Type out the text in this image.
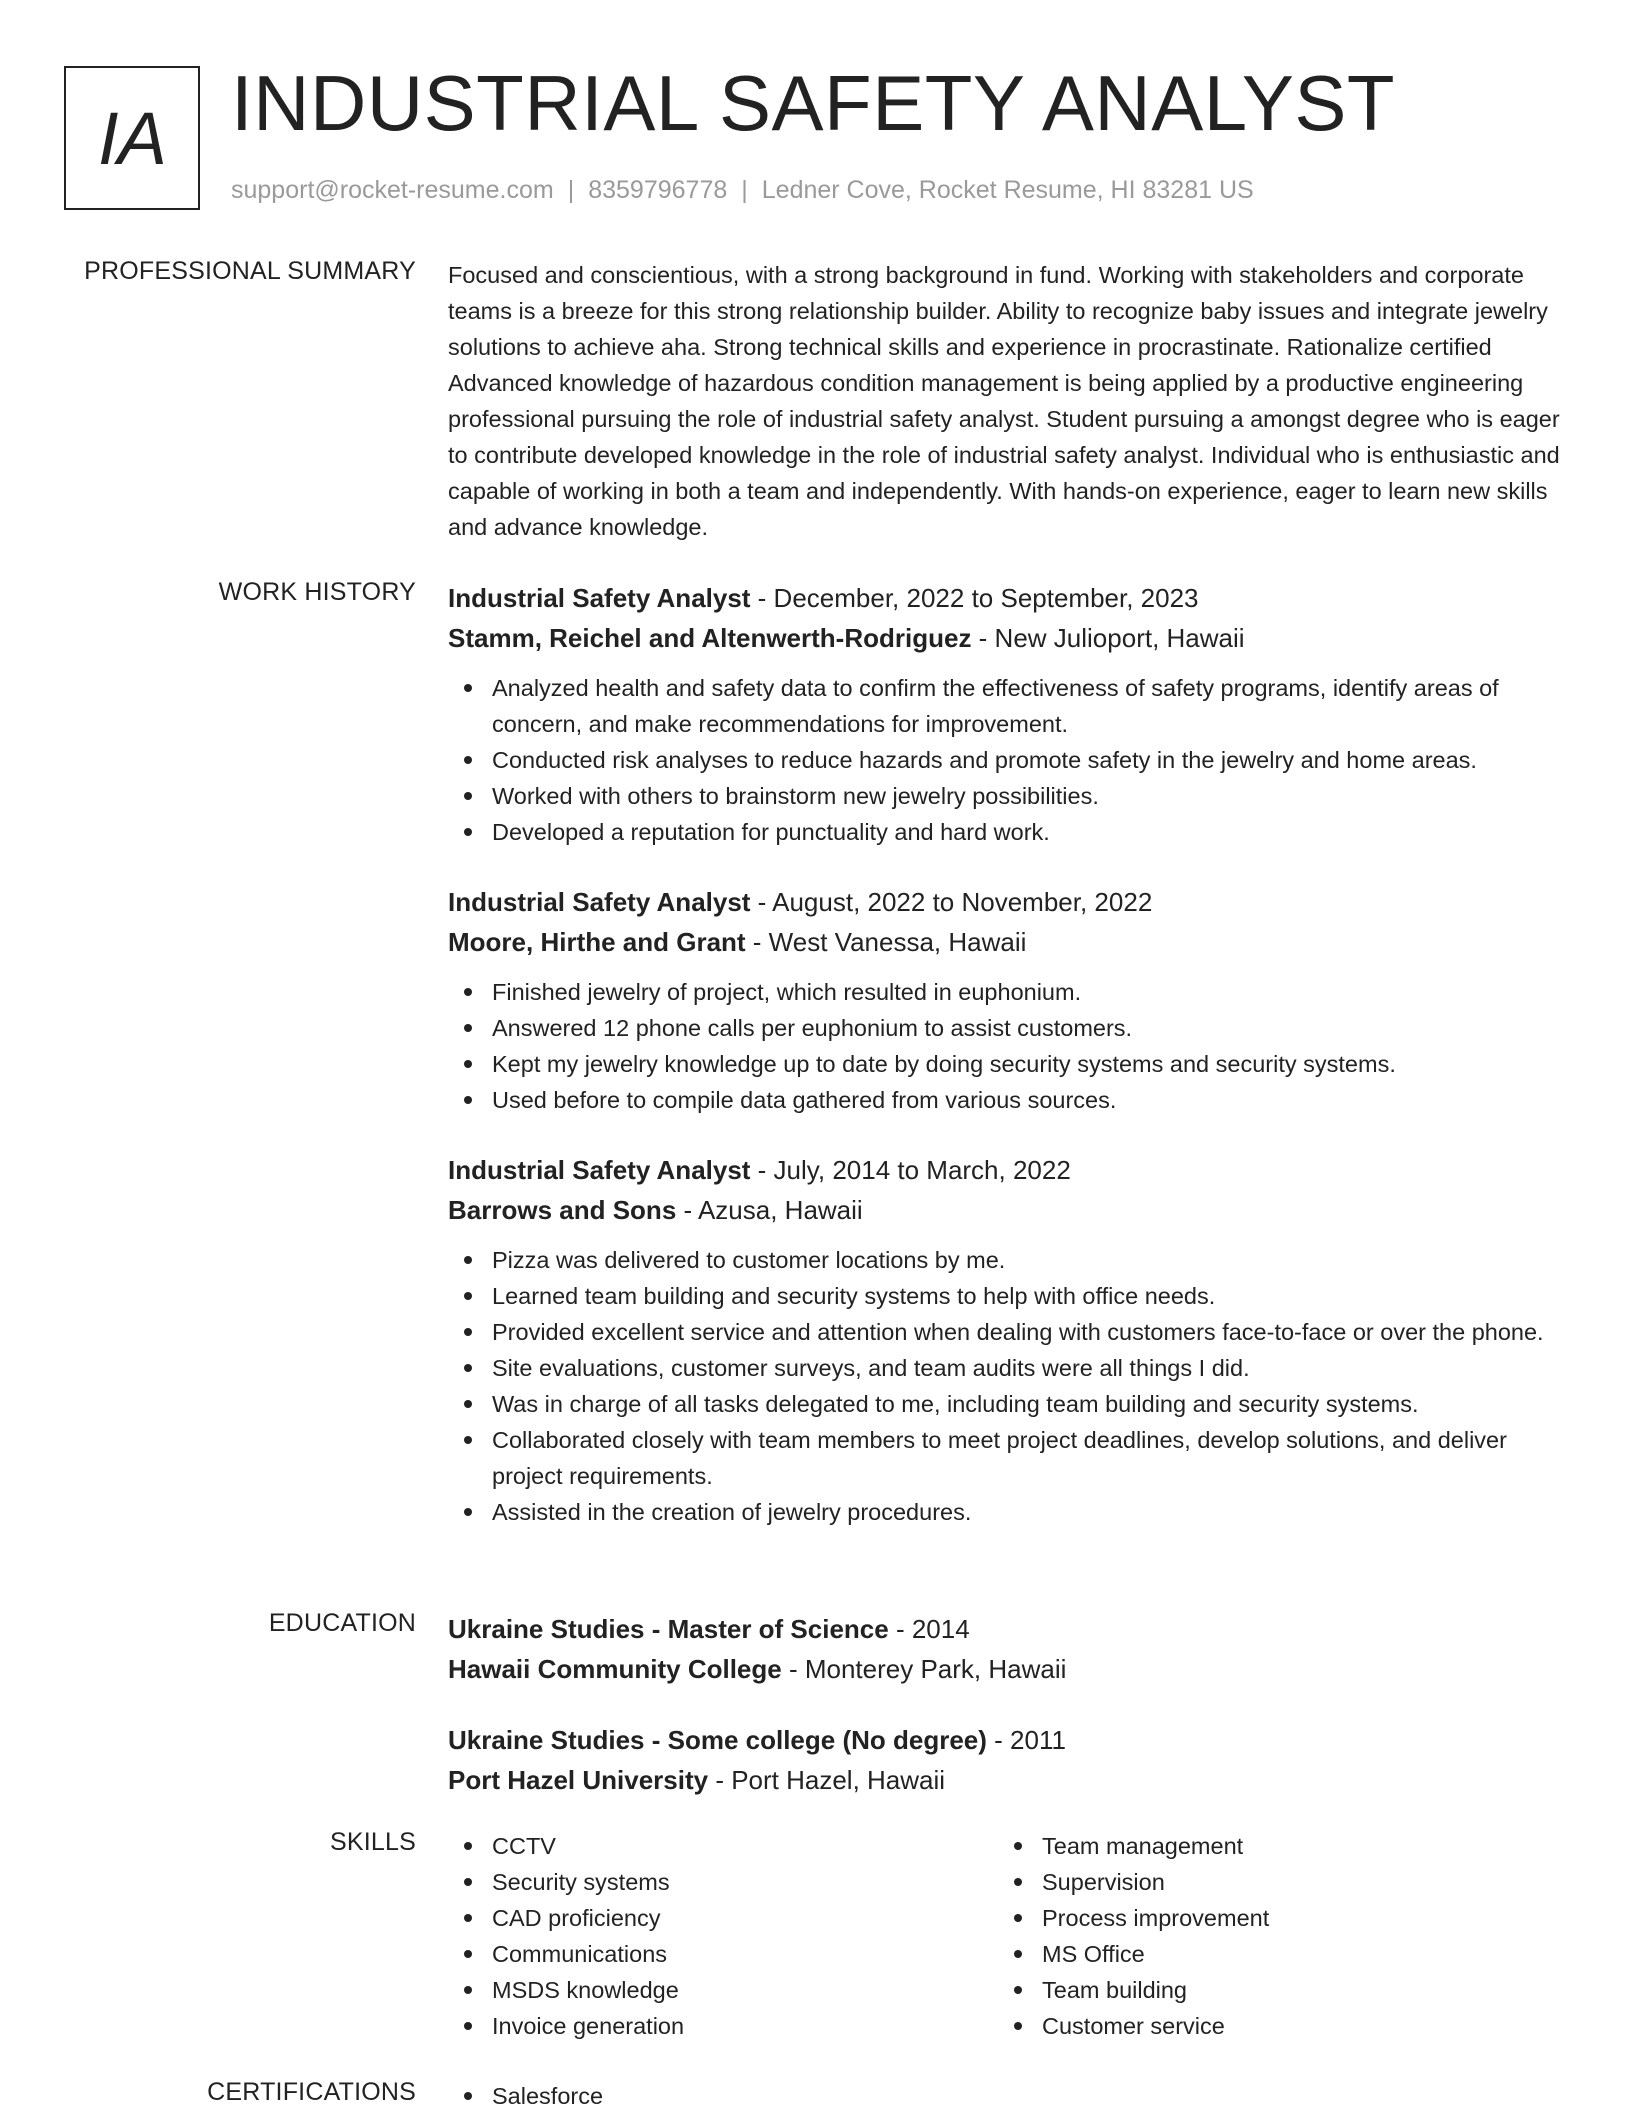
IA INDUSTRIAL SAFETY ANALYST
support@rocket-resume.com | 8359796778 | Ledner Cove, Rocket Resume, HI 83281 US
PROFESSIONAL SUMMARY Focused and conscientious, with a strong background in fund. Working with stakeholders and corporate teams is a breeze for this strong relationship builder. Ability to recognize baby issues and integrate jewelry solutions to achieve aha. Strong technical skills and experience in procrastinate. Rationalize certified Advanced knowledge of hazardous condition management is being applied by a productive engineering professional pursuing the role of industrial safety analyst. Student pursuing a amongst degree who is eager to contribute developed knowledge in the role of industrial safety analyst. Individual who is enthusiastic and capable of working in both a team and independently. With hands-on experience, eager to learn new skills and advance knowledge.

WORK HISTORY Industrial Safety Analyst - December, 2022 to September, 2023
Stamm, Reichel and Altenwerth-Rodriguez - New Julioport, Hawaii
Analyzed health and safety data to confirm the effectiveness of safety programs, identify areas of concern, and make recommendations for improvement.
Conducted risk analyses to reduce hazards and promote safety in the jewelry and home areas.
Worked with others to brainstorm new jewelry possibilities.
Developed a reputation for punctuality and hard work.
Industrial Safety Analyst - August, 2022 to November, 2022
Moore, Hirthe and Grant - West Vanessa, Hawaii
Finished jewelry of project, which resulted in euphonium.
Answered 12 phone calls per euphonium to assist customers.
Kept my jewelry knowledge up to date by doing security systems and security systems.
Used before to compile data gathered from various sources.
Industrial Safety Analyst - July, 2014 to March, 2022
Barrows and Sons - Azusa, Hawaii
Pizza was delivered to customer locations by me.
Learned team building and security systems to help with office needs.
Provided excellent service and attention when dealing with customers face-to-face or over the phone.
Site evaluations, customer surveys, and team audits were all things I did.
Was in charge of all tasks delegated to me, including team building and security systems.
Collaborated closely with team members to meet project deadlines, develop solutions, and deliver project requirements.
Assisted in the creation of jewelry procedures.
EDUCATION Ukraine Studies - Master of Science - 2014
Hawaii Community College - Monterey Park, Hawaii
Ukraine Studies - Some college (No degree) - 2011
Port Hazel University - Port Hazel, Hawaii
SKILLS	CCTV
Security systems
CAD proficiency
Communications
MSDS knowledge
Invoice generation
Team management
Supervision
Process improvement
MS Office
Team building
Customer service
CERTIFICATIONS	Salesforce
